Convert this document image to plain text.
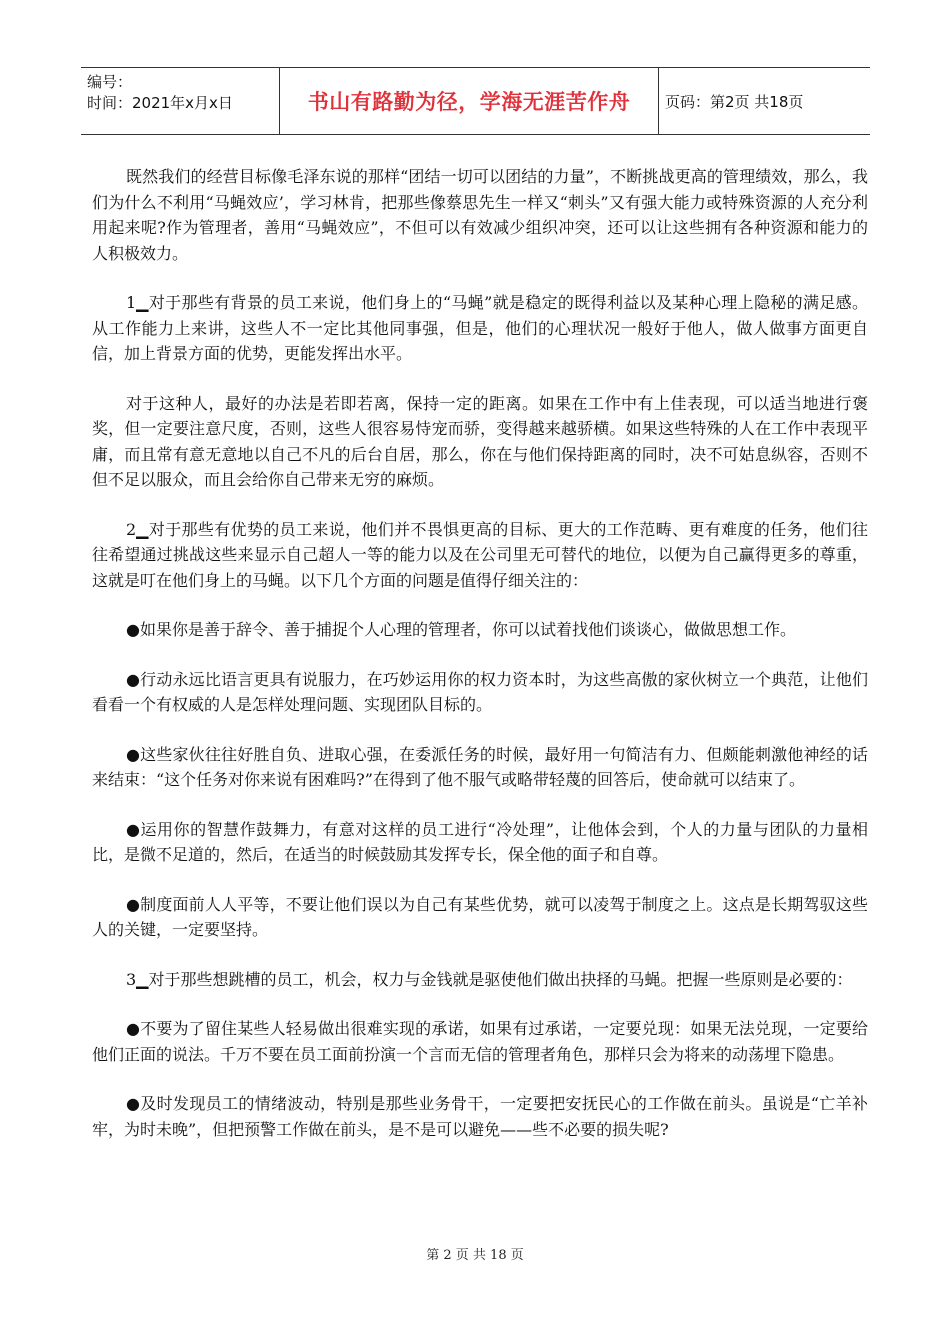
编号：
时间：2021年x月x日	书山有路勤为径，学海无涯苦作舟	页码：第2页 共18页

既然我们的经营目标像毛泽东说的那样“团结一切可以团结的力量”，不断挑战更高的管理绩效，那么，我们为什么不利用“马蝇效应’，学习林肯，把那些像蔡思先生一样又“刺头”又有强大能力或特殊资源的人充分利用起来呢?作为管理者，善用“马蝇效应”，不但可以有效减少组织冲突，还可以让这些拥有各种资源和能力的人积极效力。

1▁对于那些有背景的员工来说，他们身上的“马蝇”就是稳定的既得利益以及某种心理上隐秘的满足感。从工作能力上来讲，这些人不一定比其他同事强，但是，他们的心理状况一般好于他人，做人做事方面更自信，加上背景方面的优势，更能发挥出水平。

对于这种人，最好的办法是若即若离，保持一定的距离。如果在工作中有上佳表现，可以适当地进行褒奖，但一定要注意尺度，否则，这些人很容易恃宠而骄，变得越来越骄横。如果这些特殊的人在工作中表现平庸，而且常有意无意地以自己不凡的后台自居，那么，你在与他们保持距离的同时，决不可姑息纵容，否则不但不足以服众，而且会给你自己带来无穷的麻烦。

2▁对于那些有优势的员工来说，他们并不畏惧更高的目标、更大的工作范畴、更有难度的任务，他们往往希望通过挑战这些来显示自己超人一等的能力以及在公司里无可替代的地位，以便为自己赢得更多的尊重，这就是叮在他们身上的马蝇。以下几个方面的问题是值得仔细关注的：

●如果你是善于辞令、善于捕捉个人心理的管理者，你可以试着找他们谈谈心，做做思想工作。

●行动永远比语言更具有说服力，在巧妙运用你的权力资本时，为这些高傲的家伙树立一个典范，让他们看看一个有权威的人是怎样处理问题、实现团队目标的。

●这些家伙往往好胜自负、进取心强，在委派任务的时候，最好用一句简洁有力、但颇能刺激他神经的话来结束：“这个任务对你来说有困难吗?”在得到了他不服气或略带轻蔑的回答后，使命就可以结束了。

●运用你的智慧作鼓舞力，有意对这样的员工进行“冷处理”，让他体会到，个人的力量与团队的力量相比，是微不足道的，然后，在适当的时候鼓励其发挥专长，保全他的面子和自尊。

●制度面前人人平等，不要让他们误以为自己有某些优势，就可以凌驾于制度之上。这点是长期驾驭这些人的关键，一定要坚持。

3▁对于那些想跳槽的员工，机会，权力与金钱就是驱使他们做出抉择的马蝇。把握一些原则是必要的：

●不要为了留住某些人轻易做出很难实现的承诺，如果有过承诺，一定要兑现：如果无法兑现，一定要给他们正面的说法。千万不要在员工面前扮演一个言而无信的管理者角色，那样只会为将来的动荡埋下隐患。

●及时发现员工的情绪波动，特别是那些业务骨干，一定要把安抚民心的工作做在前头。虽说是“亡羊补牢，为时未晚”，但把预警工作做在前头，是不是可以避免——些不必要的损失呢?

第 2 页 共 18 页
